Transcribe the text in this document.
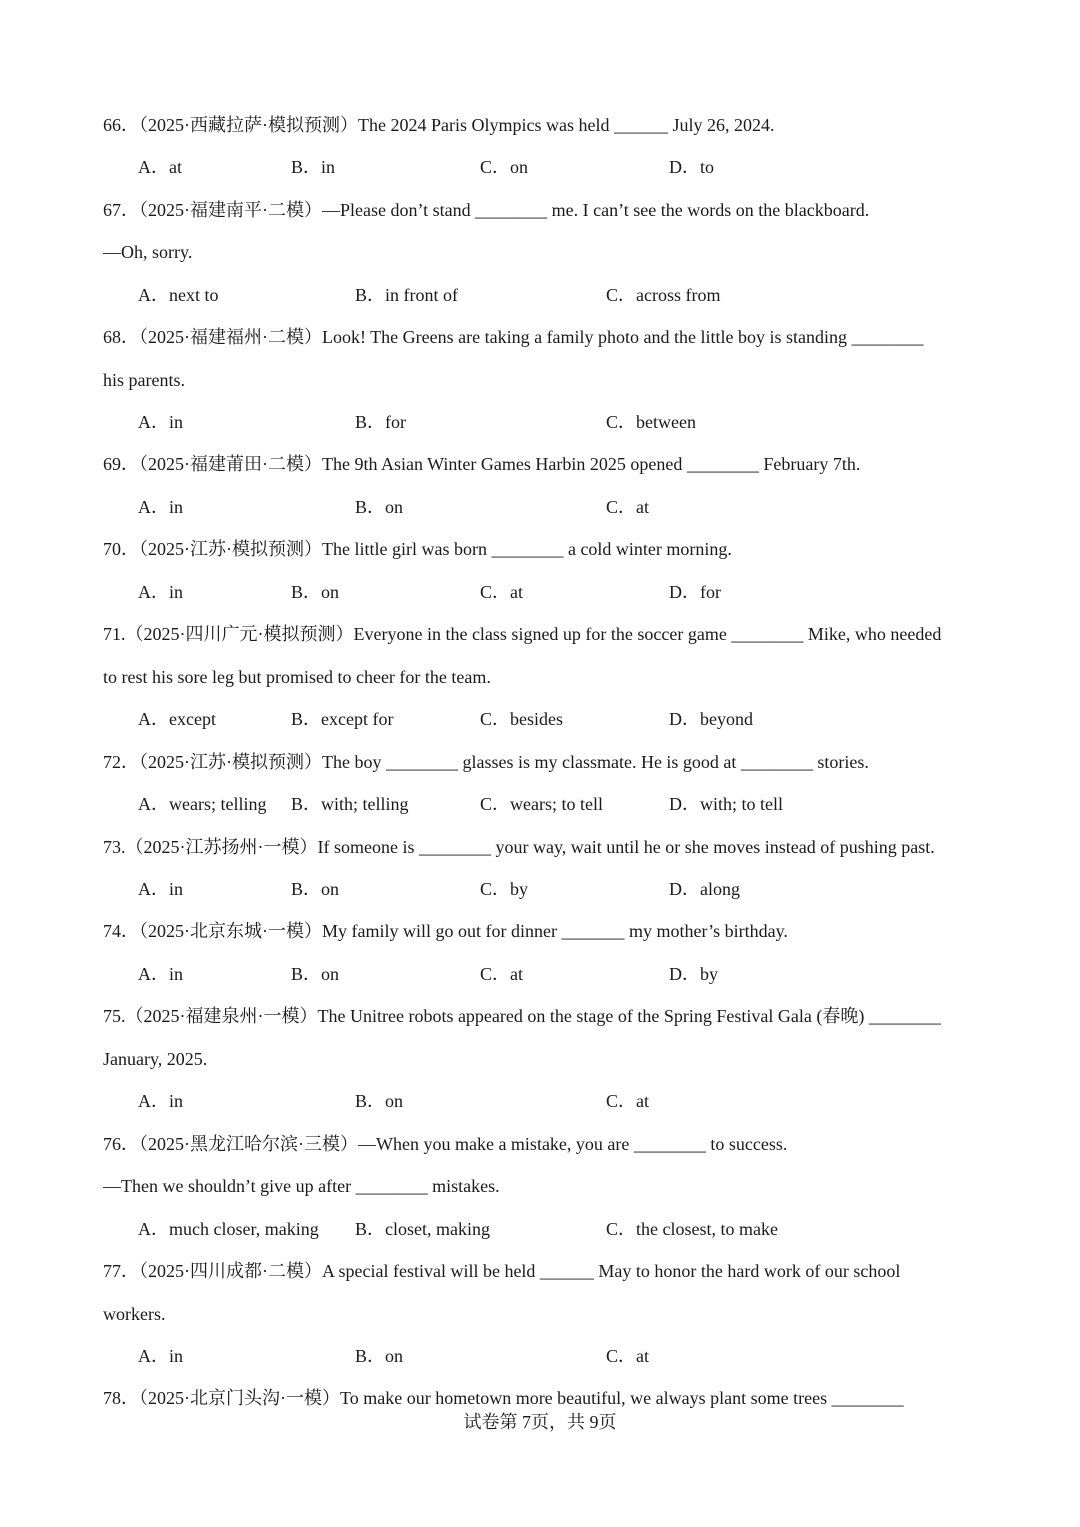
66．（2025·西藏拉萨·模拟预测）The 2024 Paris Olympics was held ______ July 26, 2024.
A．at	B．in	C．on	D．to
67．（2025·福建南平·二模）—Please don’t stand ________ me. I can’t see the words on the blackboard.
—Oh, sorry.
A．next to	B．in front of	C．across from
68．（2025·福建福州·二模）Look! The Greens are taking a family photo and the little boy is standing ________
his parents.
A．in	B．for	C．between
69．（2025·福建莆田·二模）The 9th Asian Winter Games Harbin 2025 opened ________ February 7th.
A．in	B．on	C．at
70．（2025·江苏·模拟预测）The little girl was born ________ a cold winter morning.
A．in	B．on	C．at	D．for
71.（2025·四川广元·模拟预测）Everyone in the class signed up for the soccer game ________ Mike, who needed
to rest his sore leg but promised to cheer for the team.
A．except	B．except for	C．besides	D．beyond
72．（2025·江苏·模拟预测）The boy ________ glasses is my classmate. He is good at ________ stories.
A．wears; telling B．with; telling	C．wears; to tell	D．with; to tell
73.（2025·江苏扬州·一模）If someone is ________ your way, wait until he or she moves instead of pushing past.
A．in	B．on	C．by	D．along
74．（2025·北京东城·一模）My family will go out for dinner _______ my mother’s birthday.
A．in	B．on	C．at	D．by
75.（2025·福建泉州·一模）The Unitree robots appeared on the stage of the Spring Festival Gala (春晚) ________
January, 2025.
A．in	B．on	C．at
76．（2025·黑龙江哈尔滨·三模）—When you make a mistake, you are ________ to success.
—Then we shouldn’t give up after ________ mistakes.
A．much closer, making B．closet, making	C．the closest, to make
77．（2025·四川成都·二模）A special festival will be held ______ May to honor the hard work of our school
workers.
A．in	B．on	C．at
78．（2025·北京门头沟·一模）To make our hometown more beautiful, we always plant some trees ________
试卷第 7页，共 9页
